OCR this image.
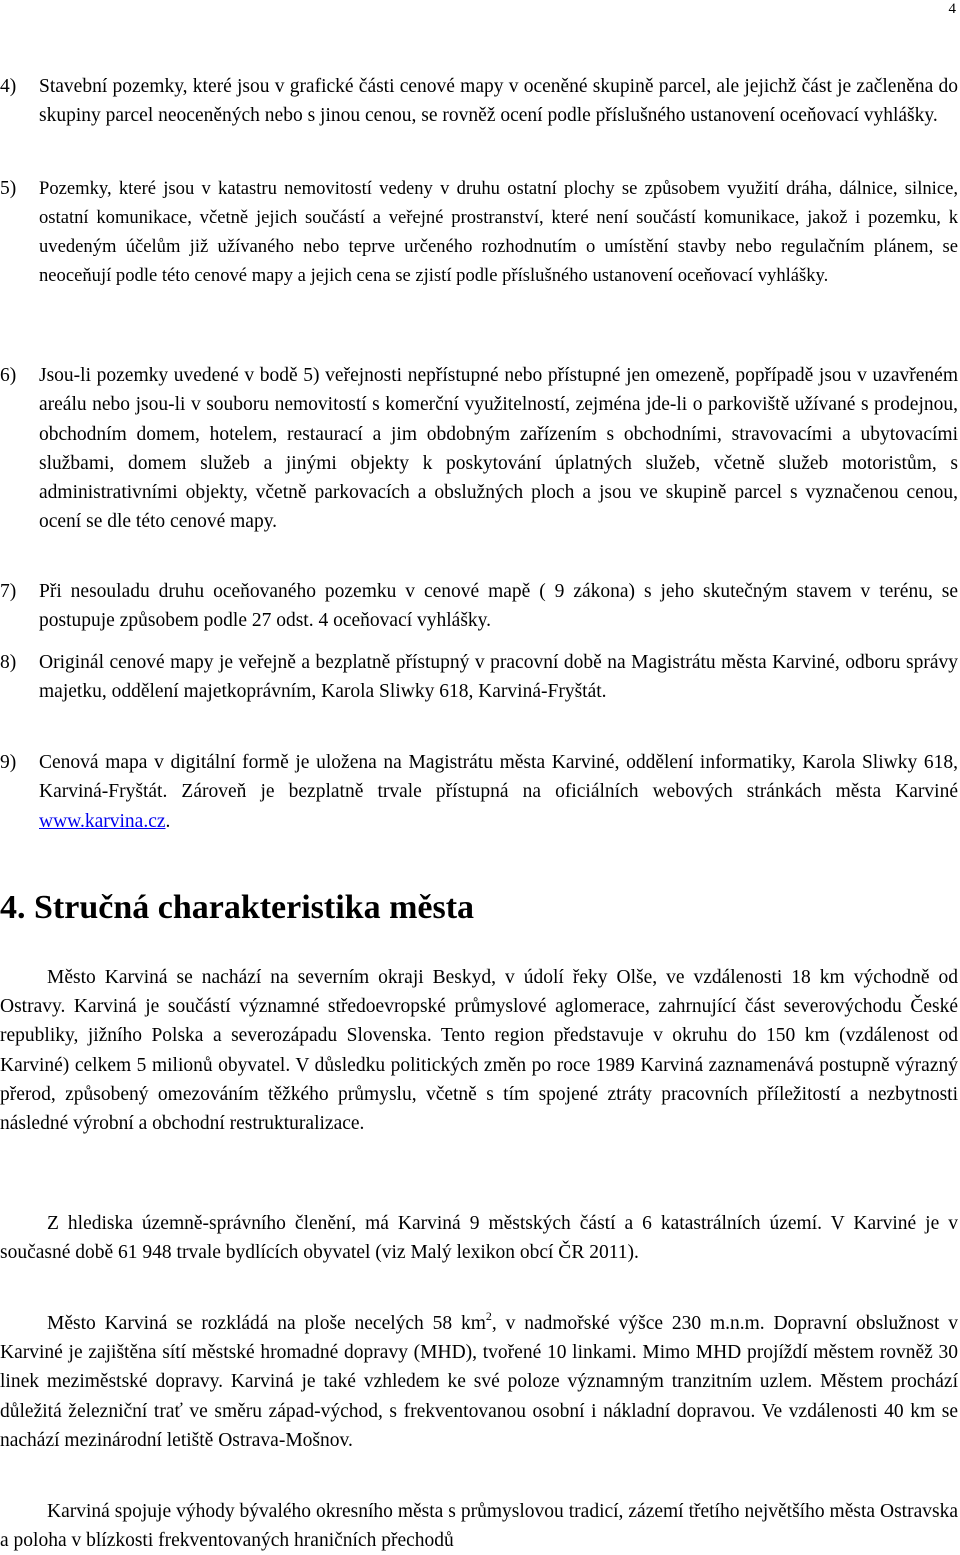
4
4) Stavební pozemky, které jsou v grafické části cenové mapy v oceněné skupině parcel, ale jejichž část je začleněna do skupiny parcel neoceněných nebo s jinou cenou, se rovněž ocení podle příslušného ustanovení oceňovací vyhlášky.
5) Pozemky, které jsou v katastru nemovitostí vedeny v druhu ostatní plochy se způsobem využití dráha, dálnice, silnice, ostatní komunikace, včetně jejich součástí a veřejné prostranství, které není součástí komunikace, jakož i pozemku, k uvedeným účelům již užívaného nebo teprve určeného rozhodnutím o umístění stavby nebo regulačním plánem, se neoceňují podle této cenové mapy a jejich cena se zjistí podle příslušného ustanovení oceňovací vyhlášky.
6) Jsou-li pozemky uvedené v bodě 5) veřejnosti nepřístupné nebo přístupné jen omezeně, popřípadě jsou v uzavřeném areálu nebo jsou-li v souboru nemovitostí s komerční využitelností, zejména jde-li o parkoviště užívané s prodejnou, obchodním domem, hotelem, restaurací a jim obdobným zařízením s obchodními, stravovacími a ubytovacími službami, domem služeb a jinými objekty k poskytování úplatných služeb, včetně služeb motoristům, s administrativními objekty, včetně parkovacích a obslužných ploch a jsou ve skupině parcel s vyznačenou cenou, ocení se dle této cenové mapy.
7) Při nesouladu druhu oceňovaného pozemku v cenové mapě ( 9 zákona) s jeho skutečným stavem v terénu, se postupuje způsobem podle 27 odst. 4 oceňovací vyhlášky.
8) Originál cenové mapy je veřejně a bezplatně přístupný v pracovní době na Magistrátu města Karviné, odboru správy majetku, oddělení majetkoprávním, Karola Sliwky 618, Karviná-Fryštát.
9) Cenová mapa v digitální formě je uložena na Magistrátu města Karviné, oddělení informatiky, Karola Sliwky 618, Karviná-Fryštát. Zároveň je bezplatně trvale přístupná na oficiálních webových stránkách města Karviné www.karvina.cz.
4. Stručná charakteristika města

Město Karviná se nachází na severním okraji Beskyd, v údolí řeky Olše, ve vzdálenosti 18 km východně od Ostravy. Karviná je součástí významné středoevropské průmyslové aglomerace, zahrnující část severovýchodu České republiky, jižního Polska a severozápadu Slovenska. Tento region představuje v okruhu do 150 km (vzdálenost od Karviné) celkem 5 milionů obyvatel. V důsledku politických změn po roce 1989 Karviná zaznamenává postupně výrazný přerod, způsobený omezováním těžkého průmyslu, včetně s tím spojené ztráty pracovních příležitostí a nezbytnosti následné výrobní a obchodní restrukturalizace.

Z hlediska územně-správního členění, má Karviná 9 městských částí a 6 katastrálních území. V Karviné je v současné době 61 948 trvale bydlících obyvatel (viz Malý lexikon obcí ČR 2011).

Město Karviná se rozkládá na ploše necelých 58 $km^2$, v nadmořské výšce 230 m.n.m. Dopravní obslužnost v Karviné je zajištěna sítí městské hromadné dopravy (MHD), tvořené 10 linkami. Mimo MHD projíždí městem rovněž 30 linek meziměstské dopravy. Karviná je také vzhledem ke své poloze významným tranzitním uzlem. Městem prochází důležitá železniční trať ve směru západ-východ, s frekventovanou osobní i nákladní dopravou. Ve vzdálenosti 40 km se nachází mezinárodní letiště Ostrava-Mošnov.

Karviná spojuje výhody bývalého okresního města s průmyslovou tradicí, zázemí třetího největšího města Ostravska a poloha v blízkosti frekventovaných hraničních přechodů
